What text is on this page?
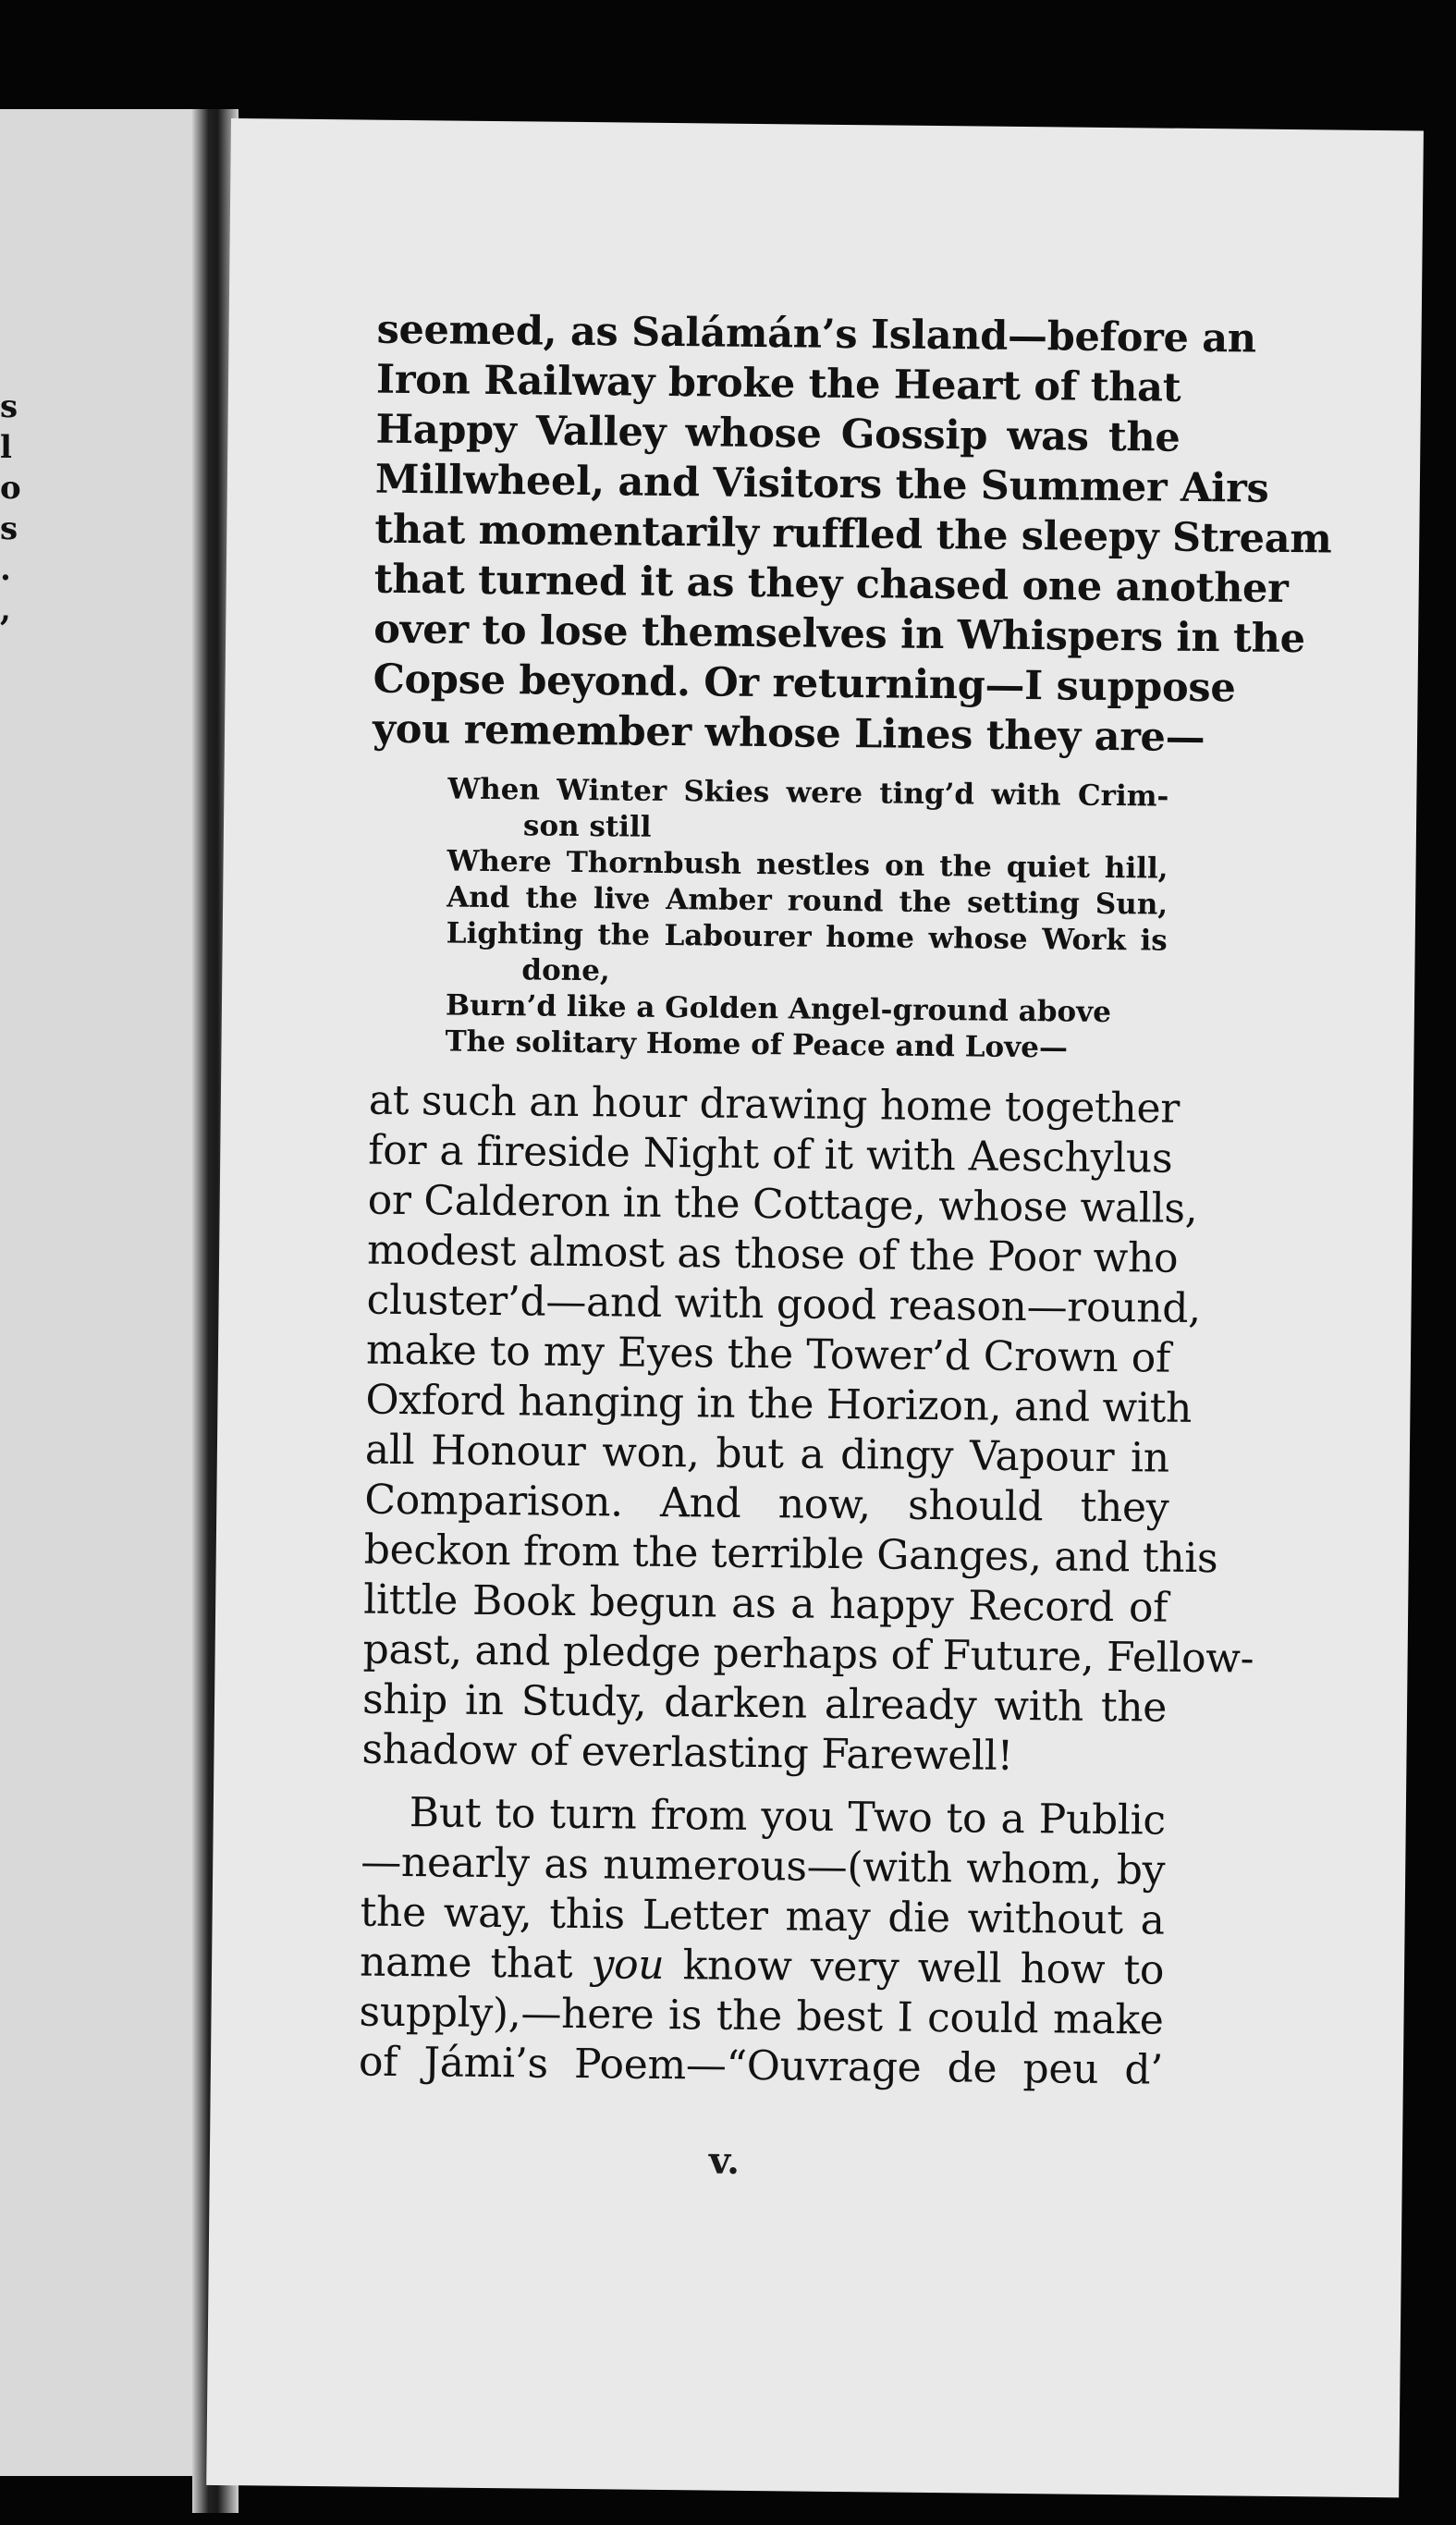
s
l
o
s
.
,
seemed, as Salámán’s Island—before an
Iron Railway broke the Heart of that
Happy Valley whose Gossip was the
Millwheel, and Visitors the Summer Airs
that momentarily ruffled the sleepy Stream
that turned it as they chased one another
over to lose themselves in Whispers in the
Copse beyond. Or returning—I suppose
you remember whose Lines they are—
When Winter Skies were ting’d with Crim-
son still
Where Thornbush nestles on the quiet hill,
And the live Amber round the setting Sun,
Lighting the Labourer home whose Work is
done,
Burn’d like a Golden Angel-ground above
The solitary Home of Peace and Love—
at such an hour drawing home together
for a fireside Night of it with Aeschylus
or Calderon in the Cottage, whose walls,
modest almost as those of the Poor who
cluster’d—and with good reason—round,
make to my Eyes the Tower’d Crown of
Oxford hanging in the Horizon, and with
all Honour won, but a dingy Vapour in
Comparison. And now, should they
beckon from the terrible Ganges, and this
little Book begun as a happy Record of
past, and pledge perhaps of Future, Fellow-
ship in Study, darken already with the
shadow of everlasting Farewell!
But to turn from you Two to a Public
—nearly as numerous—(with whom, by
the way, this Letter may die without a
name that you know very well how to
supply),—here is the best I could make
of Jámi’s Poem—“Ouvrage de peu d’
v.
